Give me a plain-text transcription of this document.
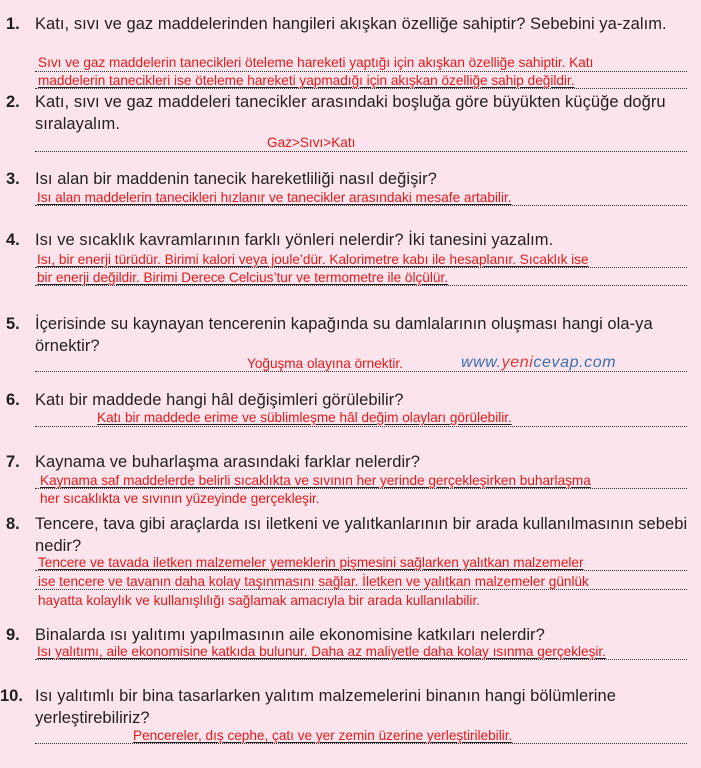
1. Katı, sıvı ve gaz maddelerinden hangileri akışkan özelliğe sahiptir? Sebebini ya-zalım.
Sıvı ve gaz maddelerin tanecikleri öteleme hareketi yaptığı için akışkan özelliğe sahiptir. Katı
maddelerin tanecikleri ise öteleme hareketi yapmadığı için akışkan özelliğe sahip değildir.
2. Katı, sıvı ve gaz maddeleri tanecikler arasındaki boşluğa göre büyükten küçüğe doğru sıralayalım.
Gaz>Sıvı>Katı
3. Isı alan bir maddenin tanecik hareketliliği nasıl değişir?
Isı alan maddelerin tanecikleri hızlanır ve tanecikler arasındaki mesafe artabilir.
4. Isı ve sıcaklık kavramlarının farklı yönleri nelerdir? İki tanesini yazalım.
Isı, bir enerji türüdür. Birimi kalori veya joule’dür. Kalorimetre kabı ile hesaplanır. Sıcaklık ise
bir enerji değildir. Birimi Derece Celcius’tur ve termometre ile ölçülür.
5. İçerisinde su kaynayan tencerenin kapağında su damlalarının oluşması hangi ola-ya örnektir?
Yoğuşma olayına örnektir.	www.yenicevap.com
6. Katı bir maddede hangi hâl değişimleri görülebilir?
Katı bir maddede erime ve süblimleşme hâl değim olayları görülebilir.
7. Kaynama ve buharlaşma arasındaki farklar nelerdir?
Kaynama saf maddelerde belirli sıcaklıkta ve sıvının her yerinde gerçekleşirken buharlaşma
her sıcaklıkta ve sıvının yüzeyinde gerçekleşir.
8. Tencere, tava gibi araçlarda ısı iletkeni ve yalıtkanlarının bir arada kullanılmasının sebebi nedir?
Tencere ve tavada iletken malzemeler yemeklerin pişmesini sağlarken yalıtkan malzemeler
ise tencere ve tavanın daha kolay taşınmasını sağlar. İletken ve yalıtkan malzemeler günlük
hayatta kolaylık ve kullanışlılığı sağlamak amacıyla bir arada kullanılabilir.
9. Binalarda ısı yalıtımı yapılmasının aile ekonomisine katkıları nelerdir?
Isı yalıtımı, aile ekonomisine katkıda bulunur. Daha az maliyetle daha kolay ısınma gerçekleşir.
10. Isı yalıtımlı bir bina tasarlarken yalıtım malzemelerini binanın hangi bölümlerine yerleştirebiliriz?
Pencereler, dış cephe, çatı ve yer zemin üzerine yerleştirilebilir.
